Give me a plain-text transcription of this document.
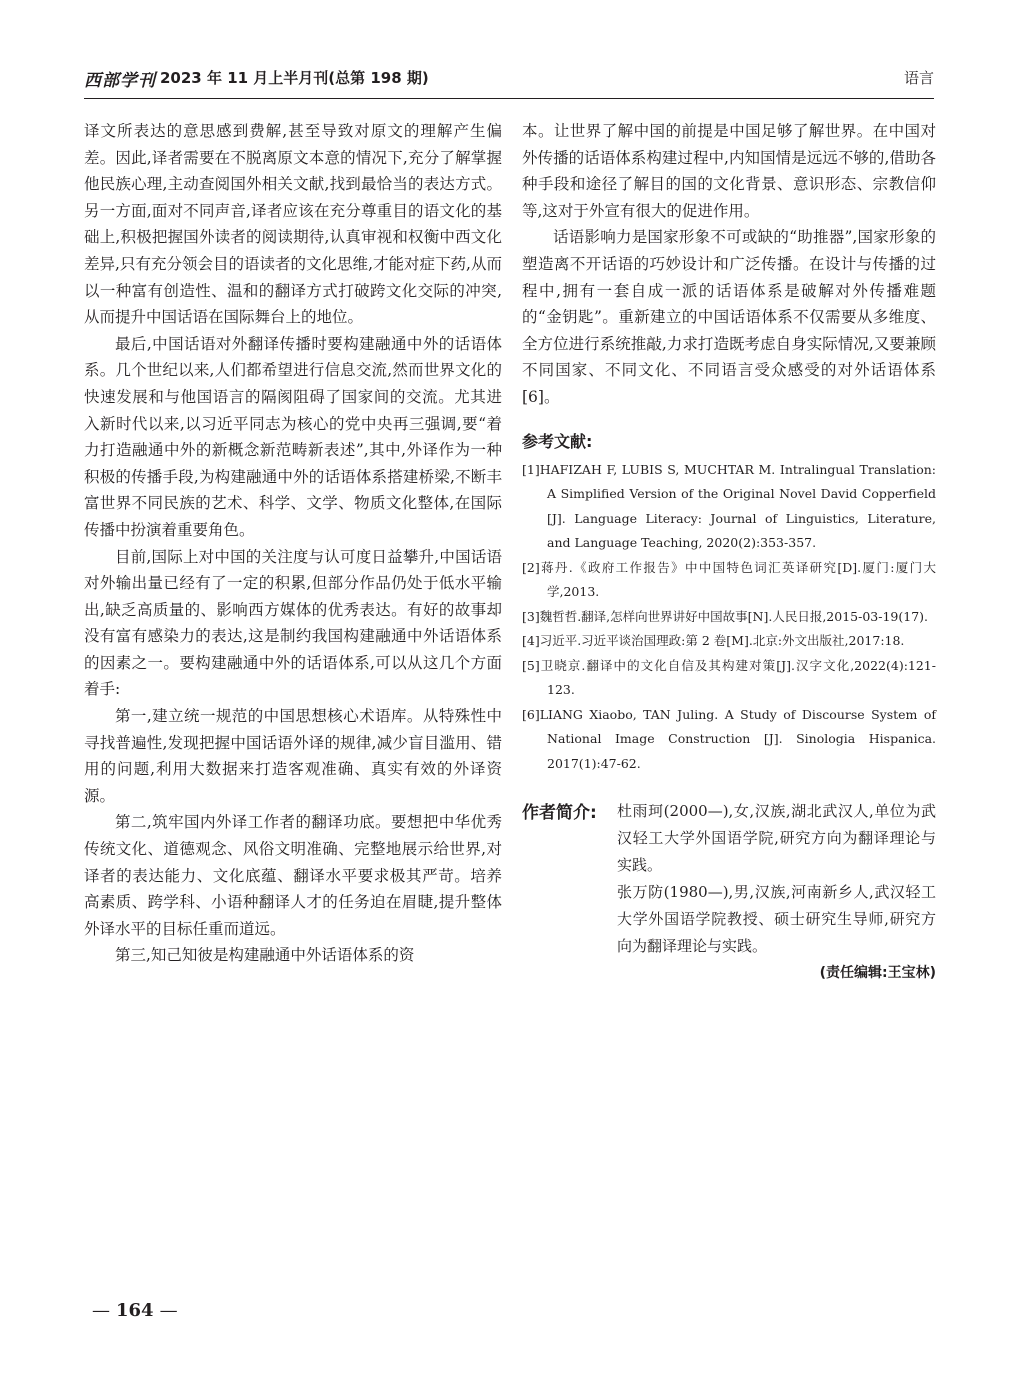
西部学刊 2023 年 11 月上半月刊(总第 198 期)	语言

译文所表达的意思感到费解,甚至导致对原文的理解产生偏差。因此,译者需要在不脱离原文本意的情况下,充分了解掌握他民族心理,主动查阅国外相关文献,找到最恰当的表达方式。另一方面,面对不同声音,译者应该在充分尊重目的语文化的基础上,积极把握国外读者的阅读期待,认真审视和权衡中西文化差异,只有充分领会目的语读者的文化思维,才能对症下药,从而以一种富有创造性、温和的翻译方式打破跨文化交际的冲突,从而提升中国话语在国际舞台上的地位。

最后,中国话语对外翻译传播时要构建融通中外的话语体系。几个世纪以来,人们都希望进行信息交流,然而世界文化的快速发展和与他国语言的隔阂阻碍了国家间的交流。尤其进入新时代以来,以习近平同志为核心的党中央再三强调,要“着力打造融通中外的新概念新范畴新表述”,其中,外译作为一种积极的传播手段,为构建融通中外的话语体系搭建桥梁,不断丰富世界不同民族的艺术、科学、文学、物质文化整体,在国际传播中扮演着重要角色。

目前,国际上对中国的关注度与认可度日益攀升,中国话语对外输出量已经有了一定的积累,但部分作品仍处于低水平输出,缺乏高质量的、影响西方媒体的优秀表达。有好的故事却没有富有感染力的表达,这是制约我国构建融通中外话语体系的因素之一。要构建融通中外的话语体系,可以从这几个方面着手:

第一,建立统一规范的中国思想核心术语库。从特殊性中寻找普遍性,发现把握中国话语外译的规律,减少盲目滥用、错用的问题,利用大数据来打造客观准确、真实有效的外译资源。

第二,筑牢国内外译工作者的翻译功底。要想把中华优秀传统文化、道德观念、风俗文明准确、完整地展示给世界,对译者的表达能力、文化底蕴、翻译水平要求极其严苛。培养高素质、跨学科、小语种翻译人才的任务迫在眉睫,提升整体外译水平的目标任重而道远。

第三,知己知彼是构建融通中外话语体系的资

本。让世界了解中国的前提是中国足够了解世界。在中国对外传播的话语体系构建过程中,内知国情是远远不够的,借助各种手段和途径了解目的国的文化背景、意识形态、宗教信仰等,这对于外宣有很大的促进作用。

话语影响力是国家形象不可或缺的“助推器”,国家形象的塑造离不开话语的巧妙设计和广泛传播。在设计与传播的过程中,拥有一套自成一派的话语体系是破解对外传播难题的“金钥匙”。重新建立的中国话语体系不仅需要从多维度、全方位进行系统推敲,力求打造既考虑自身实际情况,又要兼顾不同国家、不同文化、不同语言受众感受的对外话语体系[6]。

参考文献:

[1]HAFIZAH F, LUBIS S, MUCHTAR M. Intralingual Translation: A Simplified Version of the Original Novel David Copperfield [J]. Language Literacy: Journal of Linguistics, Literature, and Language Teaching, 2020(2):353-357.

[2]蒋丹.《政府工作报告》中中国特色词汇英译研究[D].厦门:厦门大学,2013.

[3]魏哲哲.翻译,怎样向世界讲好中国故事[N].人民日报,2015-03-19(17).

[4]习近平.习近平谈治国理政:第 2 卷[M].北京:外文出版社,2017:18.

[5]卫晓京.翻译中的文化自信及其构建对策[J].汉字文化,2022(4):121-123.

[6]LIANG Xiaobo, TAN Juling. A Study of Discourse System of National Image Construction [J]. Sinologia Hispanica. 2017(1):47-62.

作者简介: 杜雨珂(2000—),女,汉族,湖北武汉人,单位为武汉轻工大学外国语学院,研究方向为翻译理论与实践。

张万防(1980—),男,汉族,河南新乡人,武汉轻工大学外国语学院教授、硕士研究生导师,研究方向为翻译理论与实践。

(责任编辑:王宝林)
— 164 —
